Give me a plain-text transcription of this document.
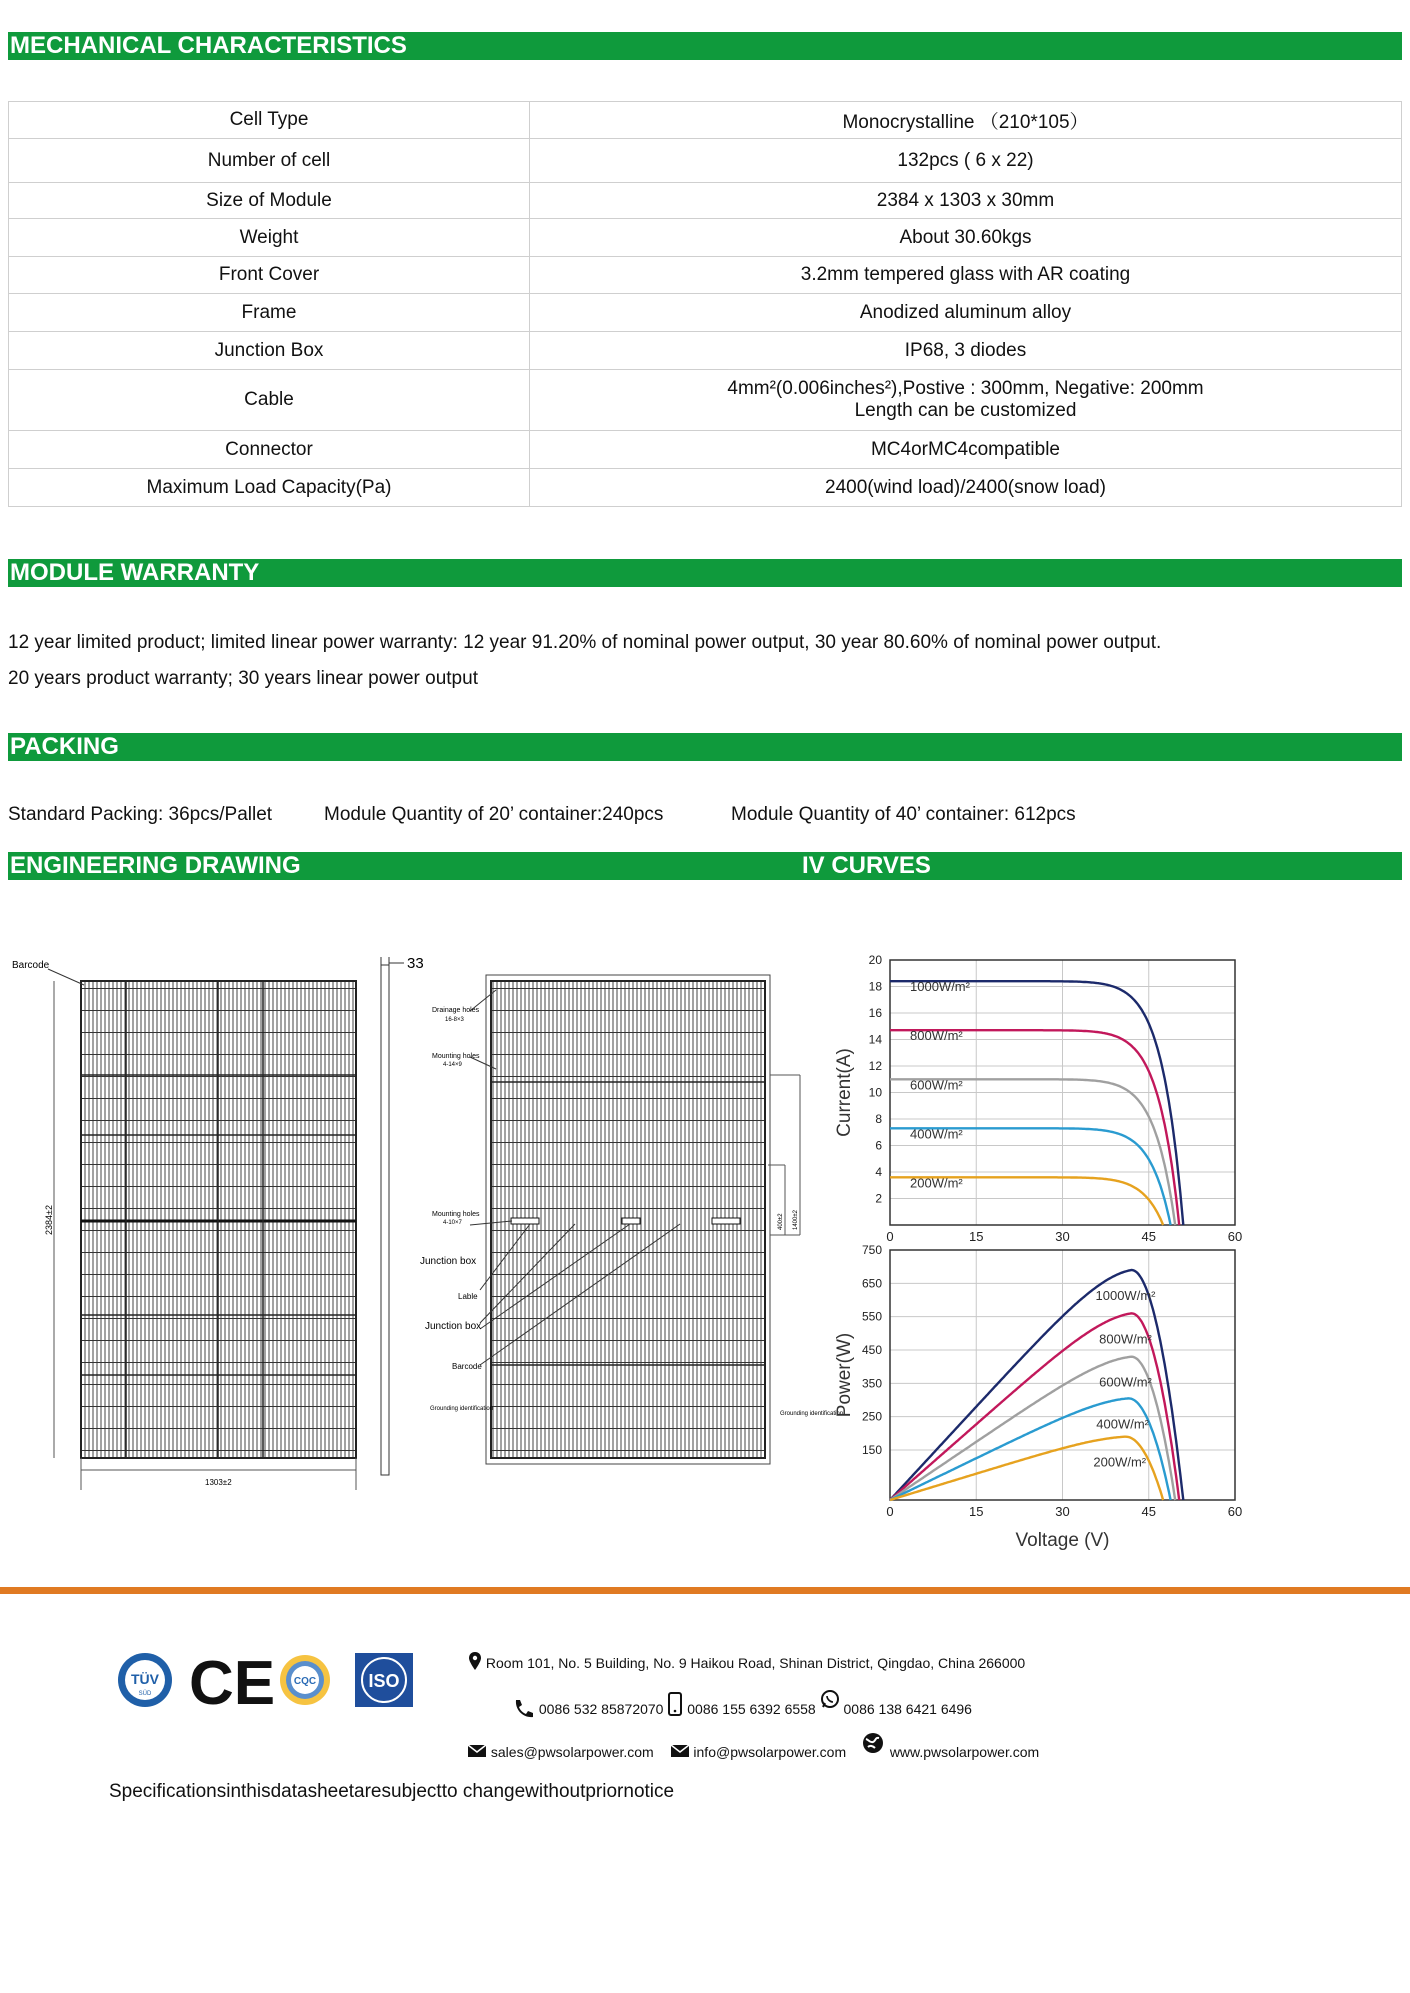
MECHANICAL CHARACTERISTICS
Cell Type	Monocrystalline （210*105）
Number of cell	132pcs ( 6 x 22)
Size of Module	2384 x 1303 x 30mm
Weight	About 30.60kgs
Front Cover	3.2mm tempered glass with AR coating
Frame	Anodized aluminum alloy
Junction Box	IP68, 3 diodes
Cable	4mm²(0.006inches²),Postive : 300mm, Negative: 200mm
Length can be customized

Connector	MC4orMC4compatible
Maximum Load Capacity(Pa)	2400(wind load)/2400(snow load)
MODULE WARRANTY
12 year limited product; limited linear power warranty: 12 year 91.20% of nominal power output, 30 year 80.60% of nominal power output.
20 years product warranty; 30 years linear power output
PACKING
Standard Packing: 36pcs/Pallet	Module Quantity of 20’ container:240pcs	Module Quantity of 40’ container: 612pcs
ENGINEERING DRAWING	IV CURVES
Barcode
2384±2
1303±2
33
Drainage holes
16-8×3
Mounting holes
4-14×9
Mounting holes
4-10×7
Junction box
Lable
Junction box
Barcode
Grounding identification
Grounding identification
400±2 1400±2
2
4
6
8
10
12
14
16
18
20
0	15	30	45	60
Current(A)
1000W/m²
800W/m²
600W/m²
400W/m²
200W/m²
150
250
350
450
550
650
750
0	15	30	45	60
Power(W)
Voltage (V)
1000W/m²
800W/m²
600W/m²
400W/m²
200W/m²
TÜV
SÜD CE CQC	ISO
Room 101, No. 5 Building, No. 9 Haikou Road, Shinan District, Qingdao, China 266000
0086 532 85872070 0086 155 6392 6558 0086 138 6421 6496
sales@pwsolarpower.com	info@pwsolarpower.com	www.pwsolarpower.com
Specificationsinthisdatasheetaresubjectto changewithoutpriornotice
